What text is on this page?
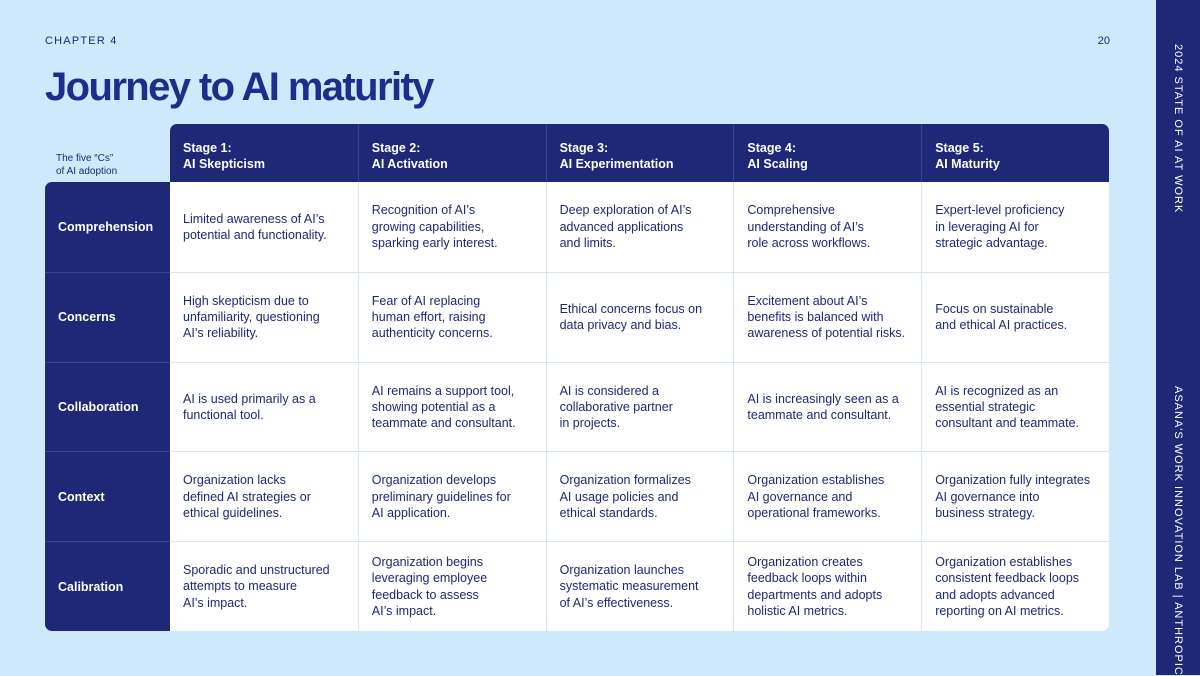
CHAPTER 4	20
Journey to AI maturity	2024 STATE OF AI AT WORK
ASANA'S WORK INNOVATION LAB | ANTHROPIC
The five “Cs”
of AI adoption
Stage 1:
AI Skepticism
Stage 2:
AI Activation
Stage 3:
AI Experimentation
Stage 4:
AI Scaling
Stage 5:
AI Maturity
Comprehension
Concerns
Collaboration
Context
Calibration
Limited awareness of AI’s
potential and functionality.
Recognition of AI’s
growing capabilities,
sparking early interest.
Deep exploration of AI’s
advanced applications
and limits.
Comprehensive
understanding of AI’s
role across workflows.
Expert-level proficiency
in leveraging AI for
strategic advantage.
High skepticism due to
unfamiliarity, questioning
AI’s reliability.
Fear of AI replacing
human effort, raising
authenticity concerns.
Ethical concerns focus on
data privacy and bias.
Excitement about AI’s
benefits is balanced with
awareness of potential risks.
Focus on sustainable
and ethical AI practices.
AI is used primarily as a
functional tool.
AI remains a support tool,
showing potential as a
teammate and consultant.
AI is considered a
collaborative partner
in projects.
AI is increasingly seen as a
teammate and consultant.
AI is recognized as an
essential strategic
consultant and teammate.
Organization lacks
defined AI strategies or
ethical guidelines.
Organization develops
preliminary guidelines for
AI application.
Organization formalizes
AI usage policies and
ethical standards.
Organization establishes
AI governance and
operational frameworks.
Organization fully integrates
AI governance into
business strategy.
Sporadic and unstructured
attempts to measure
AI’s impact.
Organization begins
leveraging employee
feedback to assess
AI’s impact.
Organization launches
systematic measurement
of AI’s effectiveness.
Organization creates
feedback loops within
departments and adopts
holistic AI metrics.
Organization establishes
consistent feedback loops
and adopts advanced
reporting on AI metrics.
